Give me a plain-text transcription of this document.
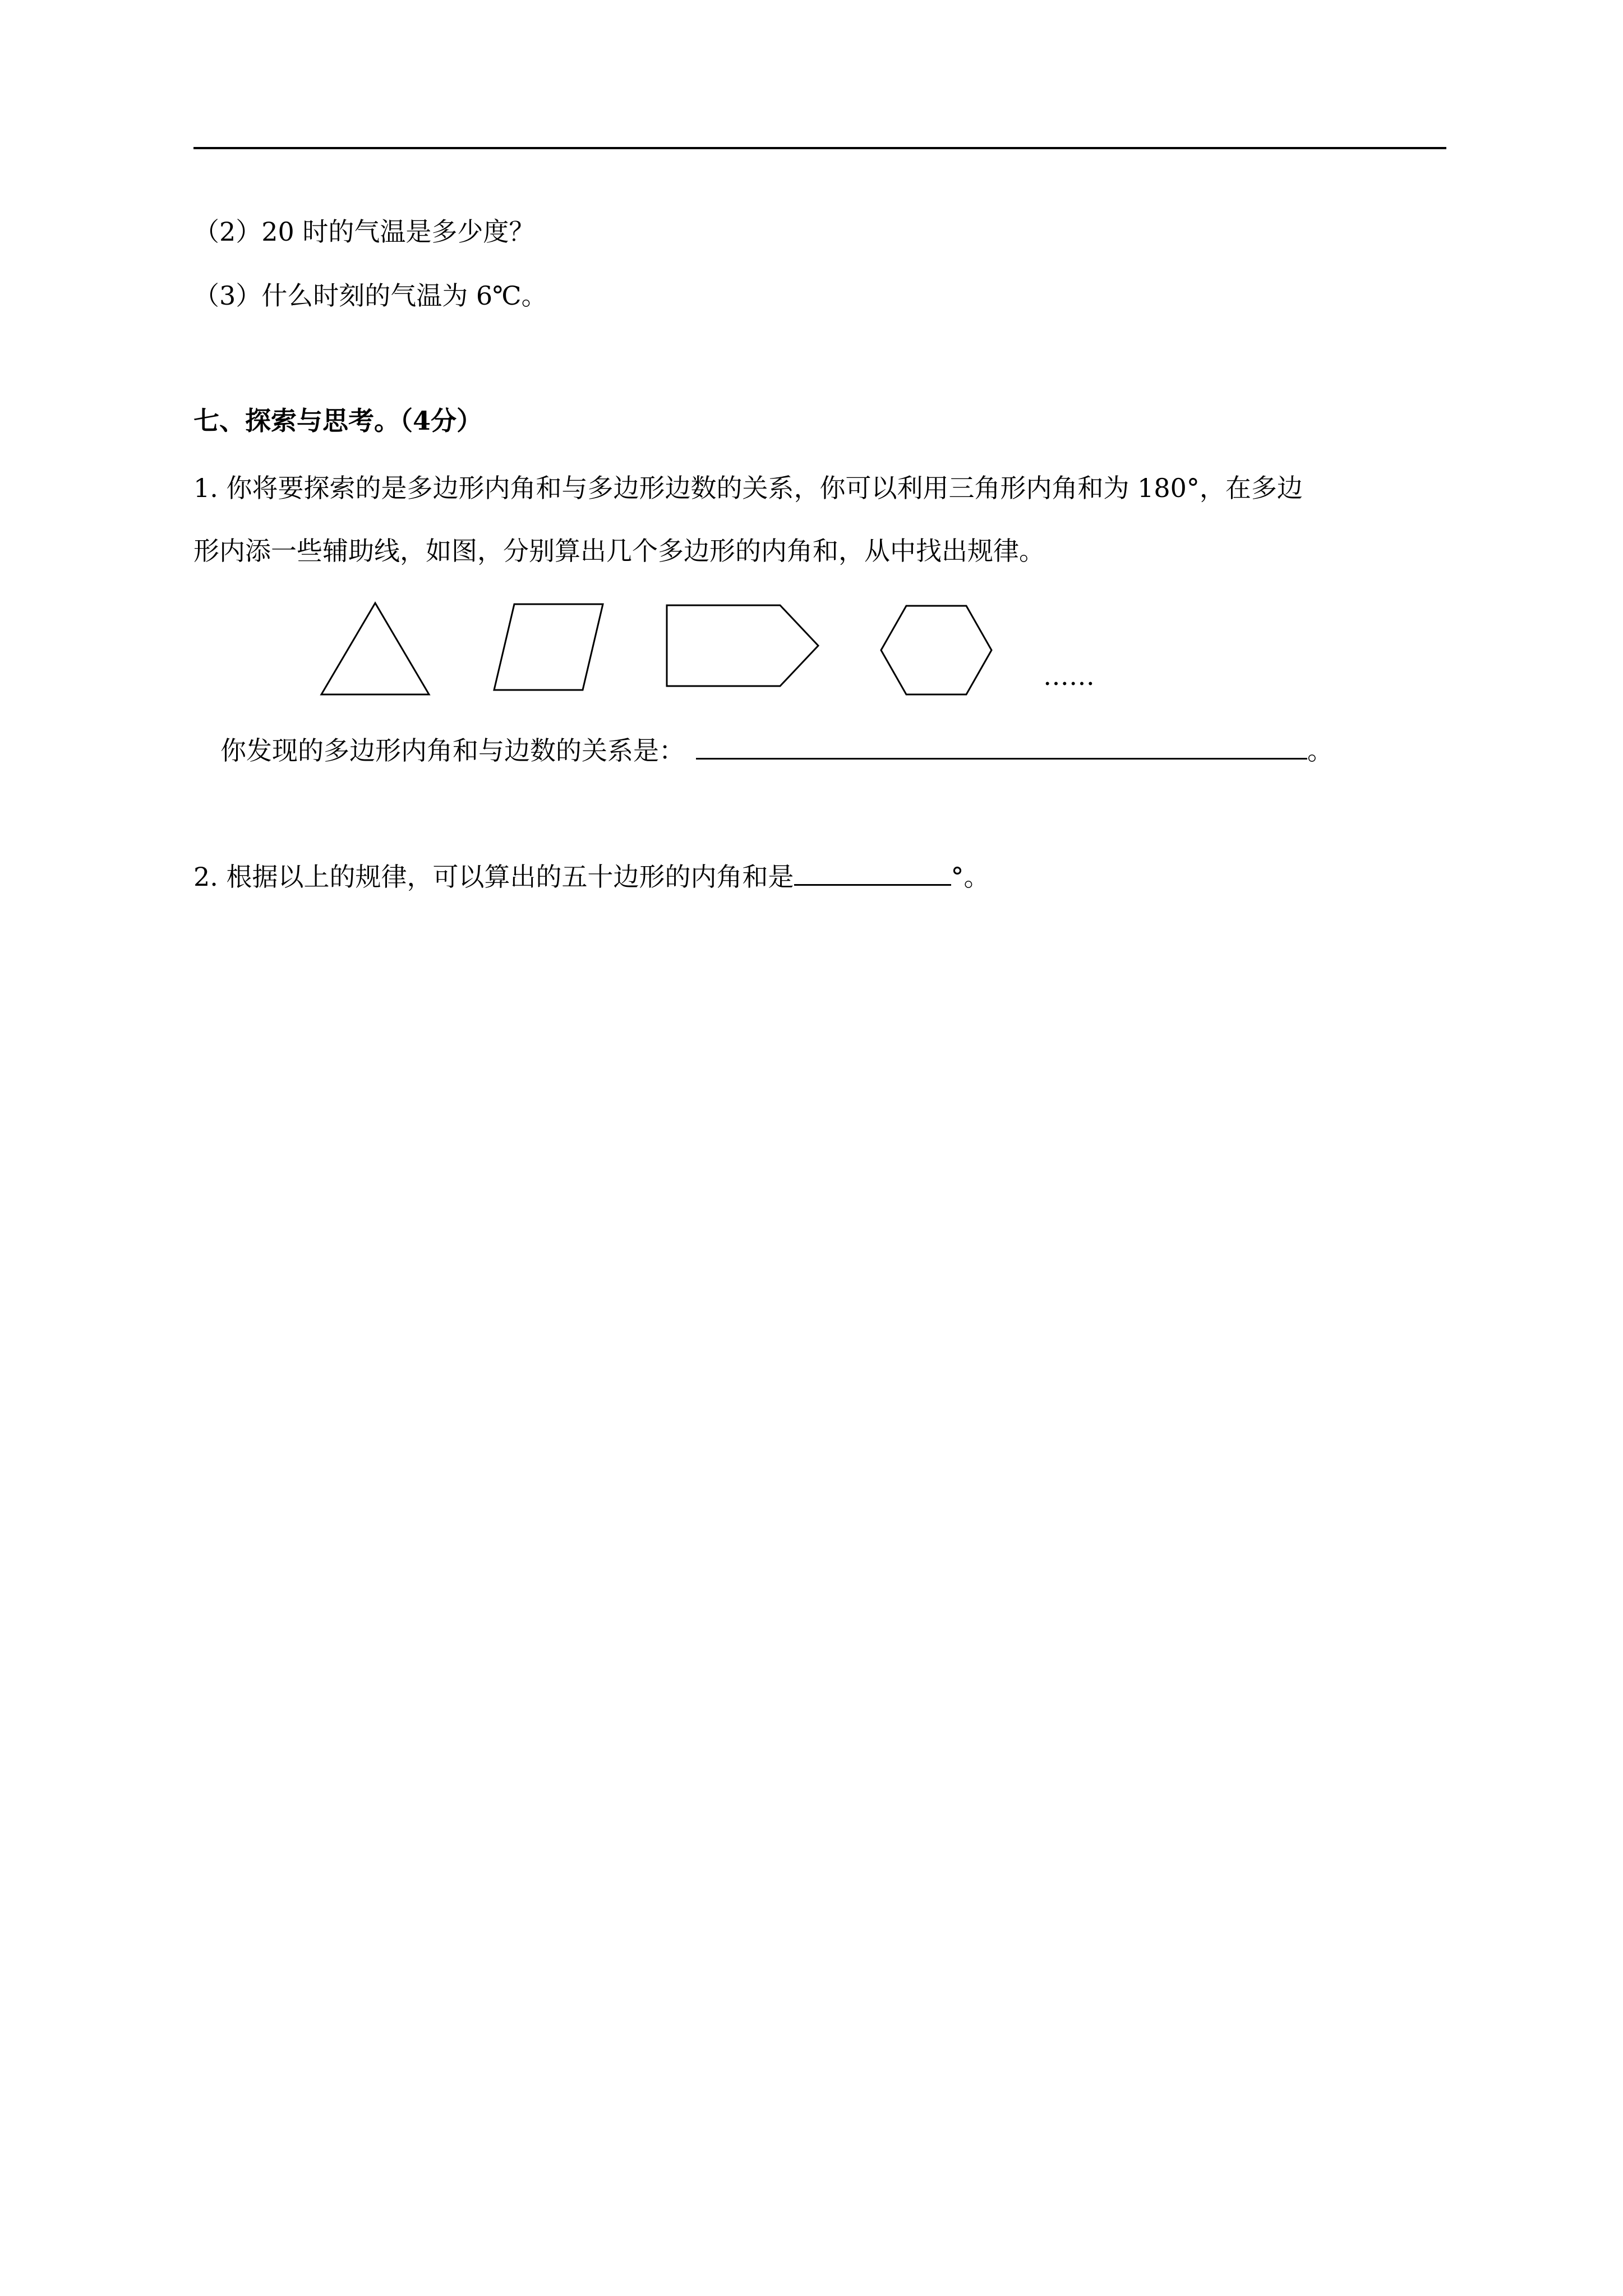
（2）20 时的气温是多少度？
（3）什么时刻的气温为 6℃。
七、探索与思考。（4分）
1. 你将要探索的是多边形内角和与多边形边数的关系，你可以利用三角形内角和为 180°，在多边
形内添一些辅助线，如图，分别算出几个多边形的内角和，从中找出规律。
……
你发现的多边形内角和与边数的关系是：	。
2. 根据以上的规律，可以算出的五十边形的内角和是	°。
